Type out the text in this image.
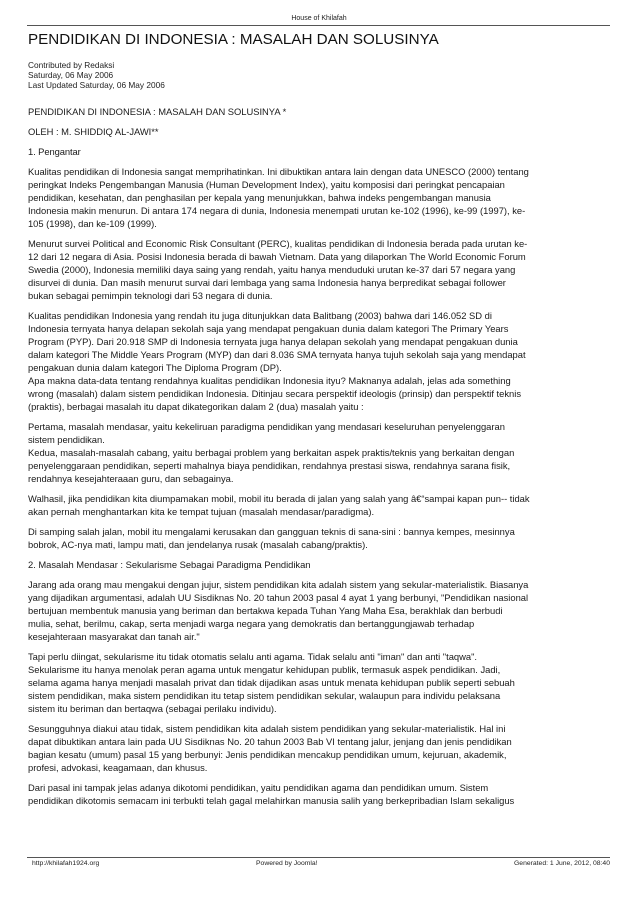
House of Khilafah
PENDIDIKAN DI INDONESIA : MASALAH DAN SOLUSINYA
Contributed by Redaksi
Saturday, 06 May 2006
Last Updated Saturday, 06 May 2006

PENDIDIKAN DI INDONESIA : MASALAH DAN SOLUSINYA *

OLEH : M. SHIDDIQ AL-JAWI**

1. Pengantar

Kualitas pendidikan di Indonesia sangat memprihatinkan. Ini dibuktikan antara lain dengan data UNESCO (2000) tentang
peringkat Indeks Pengembangan Manusia (Human Development Index), yaitu komposisi dari peringkat pencapaian
pendidikan, kesehatan, dan penghasilan per kepala yang menunjukkan, bahwa indeks pengembangan manusia
Indonesia makin menurun. Di antara 174 negara di dunia, Indonesia menempati urutan ke-102 (1996), ke-99 (1997), ke-
105 (1998), dan ke-109 (1999).

Menurut survei Political and Economic Risk Consultant (PERC), kualitas pendidikan di Indonesia berada pada urutan ke-
12 dari 12 negara di Asia. Posisi Indonesia berada di bawah Vietnam. Data yang dilaporkan The World Economic Forum
Swedia (2000), Indonesia memiliki daya saing yang rendah, yaitu hanya menduduki urutan ke-37 dari 57 negara yang
disurvei di dunia. Dan masih menurut survai dari lembaga yang sama Indonesia hanya berpredikat sebagai follower
bukan sebagai pemimpin teknologi dari 53 negara di dunia.

Kualitas pendidikan Indonesia yang rendah itu juga ditunjukkan data Balitbang (2003) bahwa dari 146.052 SD di
Indonesia ternyata hanya delapan sekolah saja yang mendapat pengakuan dunia dalam kategori The Primary Years
Program (PYP). Dari 20.918 SMP di Indonesia ternyata juga hanya delapan sekolah yang mendapat pengakuan dunia
dalam kategori The Middle Years Program (MYP) dan dari 8.036 SMA ternyata hanya tujuh sekolah saja yang mendapat
pengakuan dunia dalam kategori The Diploma Program (DP).
Apa makna data-data tentang rendahnya kualitas pendidikan Indonesia ityu? Maknanya adalah, jelas ada something
wrong (masalah) dalam sistem pendidikan Indonesia. Ditinjau secara perspektif ideologis (prinsip) dan perspektif teknis
(praktis), berbagai masalah itu dapat dikategorikan dalam 2 (dua) masalah yaitu :

Pertama, masalah mendasar, yaitu kekeliruan paradigma pendidikan yang mendasari keseluruhan penyelenggaran
sistem pendidikan.
Kedua, masalah-masalah cabang, yaitu berbagai problem yang berkaitan aspek praktis/teknis yang berkaitan dengan
penyelenggaraan pendidikan, seperti mahalnya biaya pendidikan, rendahnya prestasi siswa, rendahnya sarana fisik,
rendahnya kesejahteraaan guru, dan sebagainya.

Walhasil, jika pendidikan kita diumpamakan mobil, mobil itu berada di jalan yang salah yang â€“sampai kapan pun-- tidak
akan pernah menghantarkan kita ke tempat tujuan (masalah mendasar/paradigma).

Di samping salah jalan, mobil itu mengalami kerusakan dan gangguan teknis di sana-sini : bannya kempes, mesinnya
bobrok, AC-nya mati, lampu mati, dan jendelanya rusak (masalah cabang/praktis).

2. Masalah Mendasar : Sekularisme Sebagai Paradigma Pendidikan

Jarang ada orang mau mengakui dengan jujur, sistem pendidikan kita adalah sistem yang sekular-materialistik. Biasanya
yang dijadikan argumentasi, adalah UU Sisdiknas No. 20 tahun 2003 pasal 4 ayat 1 yang berbunyi, "Pendidikan nasional
bertujuan membentuk manusia yang beriman dan bertakwa kepada Tuhan Yang Maha Esa, berakhlak dan berbudi
mulia, sehat, berilmu, cakap, serta menjadi warga negara yang demokratis dan bertanggungjawab terhadap
kesejahteraan masyarakat dan tanah air."

Tapi perlu diingat, sekularisme itu tidak otomatis selalu anti agama. Tidak selalu anti "iman" dan anti "taqwa".
Sekularisme itu hanya menolak peran agama untuk mengatur kehidupan publik, termasuk aspek pendidikan. Jadi,
selama agama hanya menjadi masalah privat dan tidak dijadikan asas untuk menata kehidupan publik seperti sebuah
sistem pendidikan, maka sistem pendidikan itu tetap sistem pendidikan sekular, walaupun para individu pelaksana
sistem itu beriman dan bertaqwa (sebagai perilaku individu).

Sesungguhnya diakui atau tidak, sistem pendidikan kita adalah sistem pendidikan yang sekular-materialistik. Hal ini
dapat dibuktikan antara lain pada UU Sisdiknas No. 20 tahun 2003 Bab VI tentang jalur, jenjang dan jenis pendidikan
bagian kesatu (umum) pasal 15 yang berbunyi: Jenis pendidikan mencakup pendidikan umum, kejuruan, akademik,
profesi, advokasi, keagamaan, dan khusus.

Dari pasal ini tampak jelas adanya dikotomi pendidikan, yaitu pendidikan agama dan pendidikan umum. Sistem
pendidikan dikotomis semacam ini terbukti telah gagal melahirkan manusia salih yang berkepribadian Islam sekaligus

http://khilafah1924.org	Powered by Joomla!	Generated: 1 June, 2012, 08:40
